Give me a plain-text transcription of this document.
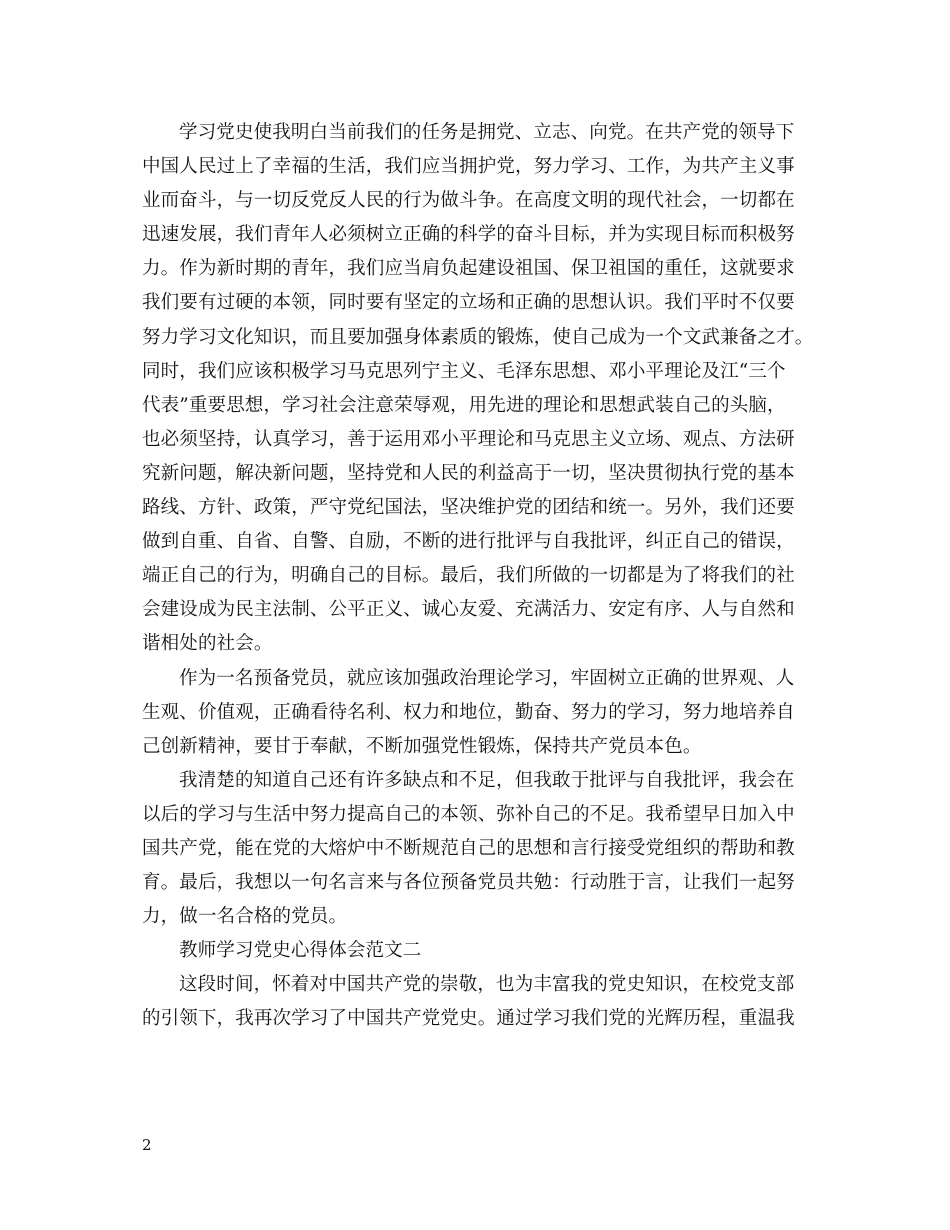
学习党史使我明白当前我们的任务是拥党、立志、向党。在共产党的领导下
中国人民过上了幸福的生活，我们应当拥护党，努力学习、工作，为共产主义事
业而奋斗，与一切反党反人民的行为做斗争。在高度文明的现代社会，一切都在
迅速发展，我们青年人必须树立正确的科学的奋斗目标，并为实现目标而积极努
力。作为新时期的青年，我们应当肩负起建设祖国、保卫祖国的重任，这就要求
我们要有过硬的本领，同时要有坚定的立场和正确的思想认识。我们平时不仅要
努力学习文化知识，而且要加强身体素质的锻炼，使自己成为一个文武兼备之才。
同时，我们应该积极学习马克思列宁主义、毛泽东思想、邓小平理论及江“三个
代表”重要思想，学习社会注意荣辱观，用先进的理论和思想武装自己的头脑，
也必须坚持，认真学习，善于运用邓小平理论和马克思主义立场、观点、方法研
究新问题，解决新问题，坚持党和人民的利益高于一切，坚决贯彻执行党的基本
路线、方针、政策，严守党纪国法，坚决维护党的团结和统一。另外，我们还要
做到自重、自省、自警、自励，不断的进行批评与自我批评，纠正自己的错误，
端正自己的行为，明确自己的目标。最后，我们所做的一切都是为了将我们的社
会建设成为民主法制、公平正义、诚心友爱、充满活力、安定有序、人与自然和
谐相处的社会。
作为一名预备党员，就应该加强政治理论学习，牢固树立正确的世界观、人
生观、价值观，正确看待名利、权力和地位，勤奋、努力的学习，努力地培养自
己创新精神，要甘于奉献，不断加强党性锻炼，保持共产党员本色。
我清楚的知道自己还有许多缺点和不足，但我敢于批评与自我批评，我会在
以后的学习与生活中努力提高自己的本领、弥补自己的不足。我希望早日加入中
国共产党，能在党的大熔炉中不断规范自己的思想和言行接受党组织的帮助和教
育。最后，我想以一句名言来与各位预备党员共勉：行动胜于言，让我们一起努
力，做一名合格的党员。
教师学习党史心得体会范文二
这段时间，怀着对中国共产党的崇敬，也为丰富我的党史知识，在校党支部
的引领下，我再次学习了中国共产党党史。通过学习我们党的光辉历程，重温我
2
